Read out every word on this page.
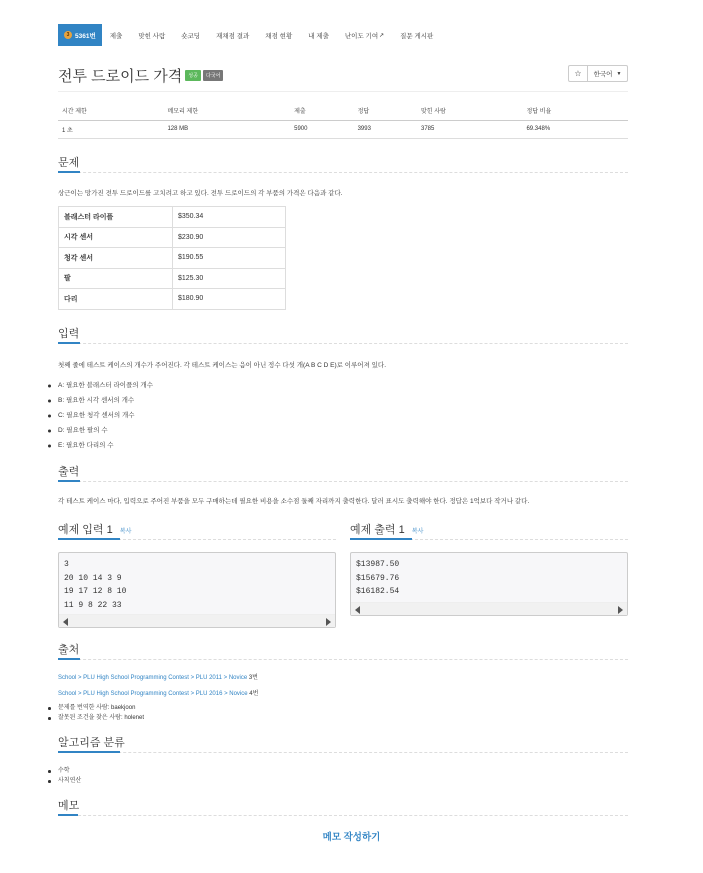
3 5361번	제출	맞힌 사람	숏코딩	재채점 결과	채점 현황	내 제출	난이도 기여 ↗	질문 게시판
전투 드로이드 가격	성공	다국어	☆	한국어 ▼
시간 제한	메모리 제한	제출	정답	맞힌 사람	정답 비율
1 초	128 MB	5900	3993	3785	69.348%
문제
상근이는 망가진 전투 드로이드를 고치려고 하고 있다. 전투 드로이드의 각 부품의 가격은 다음과 같다.
블래스터 라이플	$350.34
시각 센서	$230.90
청각 센서	$190.55
팔	$125.30
다리	$180.90
입력
첫째 줄에 테스트 케이스의 개수가 주어진다. 각 테스트 케이스는 음이 아닌 정수 다섯 개(A B C D E)로 이루어져 있다.
A: 필요한 블래스터 라이플의 개수
B: 필요한 시각 센서의 개수
C: 필요한 청각 센서의 개수
D: 필요한 팔의 수
E: 필요한 다리의 수
출력
각 테스트 케이스 마다, 입력으로 주어진 부품을 모두 구매하는데 필요한 비용을 소수점 둘째 자리까지 출력한다. 달러 표시도 출력해야 한다. 정답은 1억보다 작거나 같다.
예제 입력 1 복사
3
20 10 14 3 9
19 17 12 8 10
11 9 8 22 33
예제 출력 1 복사
$13987.50
$15679.76
$16182.54
출처
School > PLU High School Programming Contest > PLU 2011 > Novice 3번
School > PLU High School Programming Contest > PLU 2016 > Novice 4번
문제를 번역한 사람: baekjoon
잘못된 조건을 찾은 사람: holenet
알고리즘 분류
수학
사칙연산
메모
메모 작성하기
